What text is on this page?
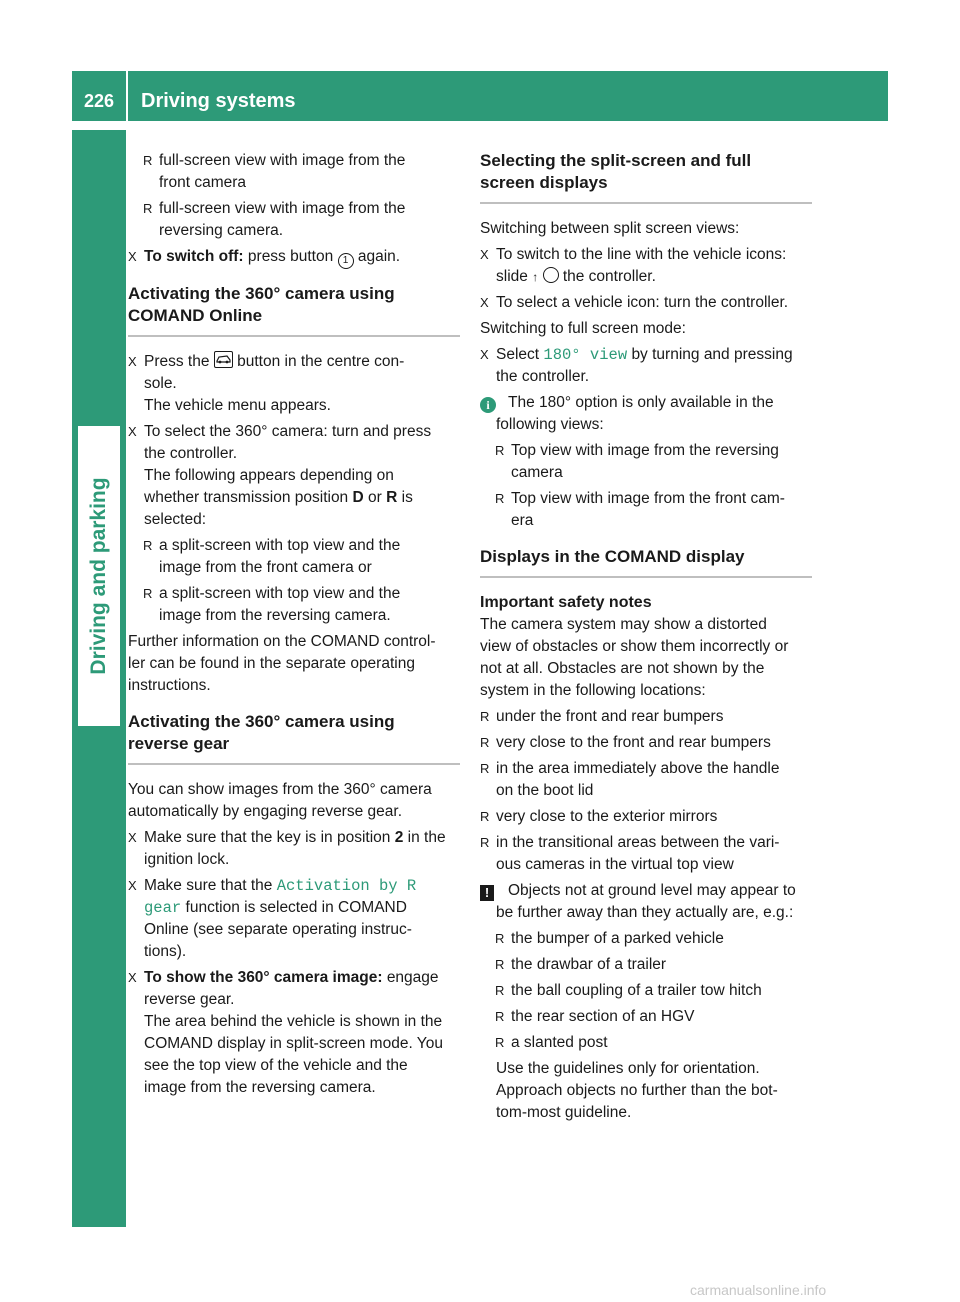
226	Driving systems
Driving and parking
R full-screen view with image from the
front camera
R full-screen view with image from the
reversing camera.
X To switch off: press button 1 again.
Activating the 360° camera using
COMAND Online
X Press the button in the centre con-
sole.
The vehicle menu appears.
X To select the 360° camera: turn and press
the controller.
The following appears depending on
whether transmission position D or R is
selected:
R a split-screen with top view and the
image from the front camera or
R a split-screen with top view and the
image from the reversing camera.
Further information on the COMAND control-
ler can be found in the separate operating
instructions.
Activating the 360° camera using
reverse gear
You can show images from the 360° camera
automatically by engaging reverse gear.
X Make sure that the key is in position 2 in the
ignition lock.
X Make sure that the Activation by R
gear function is selected in COMAND
Online (see separate operating instruc-
tions).
X To show the 360° camera image: engage
reverse gear.
The area behind the vehicle is shown in the
COMAND display in split-screen mode. You
see the top view of the vehicle and the
image from the reversing camera.
Selecting the split-screen and full
screen displays
Switching between split screen views:
X To switch to the line with the vehicle icons:
slide ↑ the controller.
X To select a vehicle icon: turn the controller.
Switching to full screen mode:
X Select 180° view by turning and pressing
the controller.
i	The 180° option is only available in the
following views:
R Top view with image from the reversing
camera
R Top view with image from the front cam-
era
Displays in the COMAND display
Important safety notes
The camera system may show a distorted
view of obstacles or show them incorrectly or
not at all. Obstacles are not shown by the
system in the following locations:
R under the front and rear bumpers
R very close to the front and rear bumpers
R in the area immediately above the handle
on the boot lid
R very close to the exterior mirrors
R in the transitional areas between the vari-
ous cameras in the virtual top view
!	Objects not at ground level may appear to
be further away than they actually are, e.g.:
R the bumper of a parked vehicle
R the drawbar of a trailer
R the ball coupling of a trailer tow hitch
R the rear section of an HGV
R a slanted post
Use the guidelines only for orientation.
Approach objects no further than the bot-
tom-most guideline.
carmanualsonline.info
